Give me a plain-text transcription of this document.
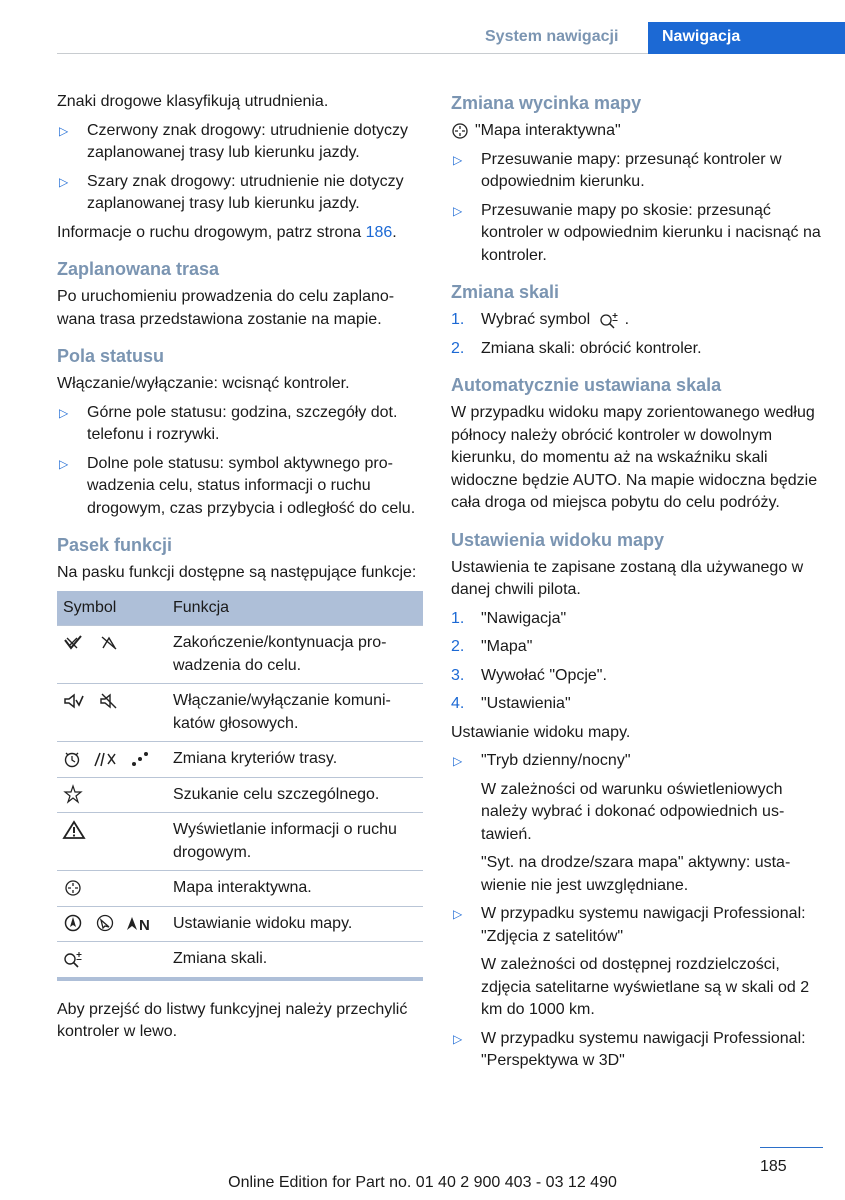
System nawigacji	Nawigacja

Znaki drogowe klasyfikują utrudnienia.

▷ Czerwony znak drogowy: utrudnienie dotyczy zaplanowanej trasy lub kierunku jazdy.
▷ Szary znak drogowy: utrudnienie nie dotyczy zaplanowanej trasy lub kierunku jazdy.

Informacje o ruchu drogowym, patrz strona 186.

Zaplanowana trasa

Po uruchomieniu prowadzenia do celu zaplanowana trasa przedstawiona zostanie na mapie.

Pola statusu

Włączanie/wyłączanie: wcisnąć kontroler.

▷ Górne pole statusu: godzina, szczegóły dot. telefonu i rozrywki.
▷ Dolne pole statusu: symbol aktywnego prowadzenia celu, status informacji o ruchu drogowym, czas przybycia i odległość do celu.
Pasek funkcji

Na pasku funkcji dostępne są następujące funkcje:

Symbol	Funkcja
	Zakończenie/kontynuacja prowadzenia do celu.
	Włączanie/wyłączanie komunikatów głosowych.
	Zmiana kryteriów trasy.
	Szukanie celu szczególnego.
	Wyświetlanie informacji o ruchu drogowym.
	Mapa interaktywna.

N	Ustawianie widoku mapy.
	Zmiana skali.

Aby przejść do listwy funkcyjnej należy przechylić kontroler w lewo.

Zmiana wycinka mapy

"Mapa interaktywna"

▷ Przesuwanie mapy: przesunąć kontroler w odpowiednim kierunku.
▷ Przesuwanie mapy po skosie: przesunąć kontroler w odpowiednim kierunku i nacisnąć na kontroler.
Zmiana skali
1. Wybrać symbol .
2. Zmiana skali: obrócić kontroler.
Automatycznie ustawiana skala

W przypadku widoku mapy zorientowanego według północy należy obrócić kontroler w dowolnym kierunku, do momentu aż na wskaźniku skali widoczne będzie AUTO. Na mapie widoczna będzie cała droga od miejsca pobytu do celu podróży.

Ustawienia widoku mapy

Ustawienia te zapisane zostaną dla używanego w danej chwili pilota.

1. "Nawigacja"
2. "Mapa"
3. Wywołać "Opcje".
4. "Ustawienia"

Ustawianie widoku mapy.

▷ "Tryb dzienny/nocny"

W zależności od warunku oświetleniowych należy wybrać i dokonać odpowiednich ustawień.

"Syt. na drodze/szara mapa" aktywny: ustawienie nie jest uwzględniane.

▷ W przypadku systemu nawigacji Professional: "Zdjęcia z satelitów"

W zależności od dostępnej rozdzielczości, zdjęcia satelitarne wyświetlane są w skali od 2 km do 1000 km.

▷ W przypadku systemu nawigacji Professional: "Perspektywa w 3D"
185
Online Edition for Part no. 01 40 2 900 403 - 03 12 490
